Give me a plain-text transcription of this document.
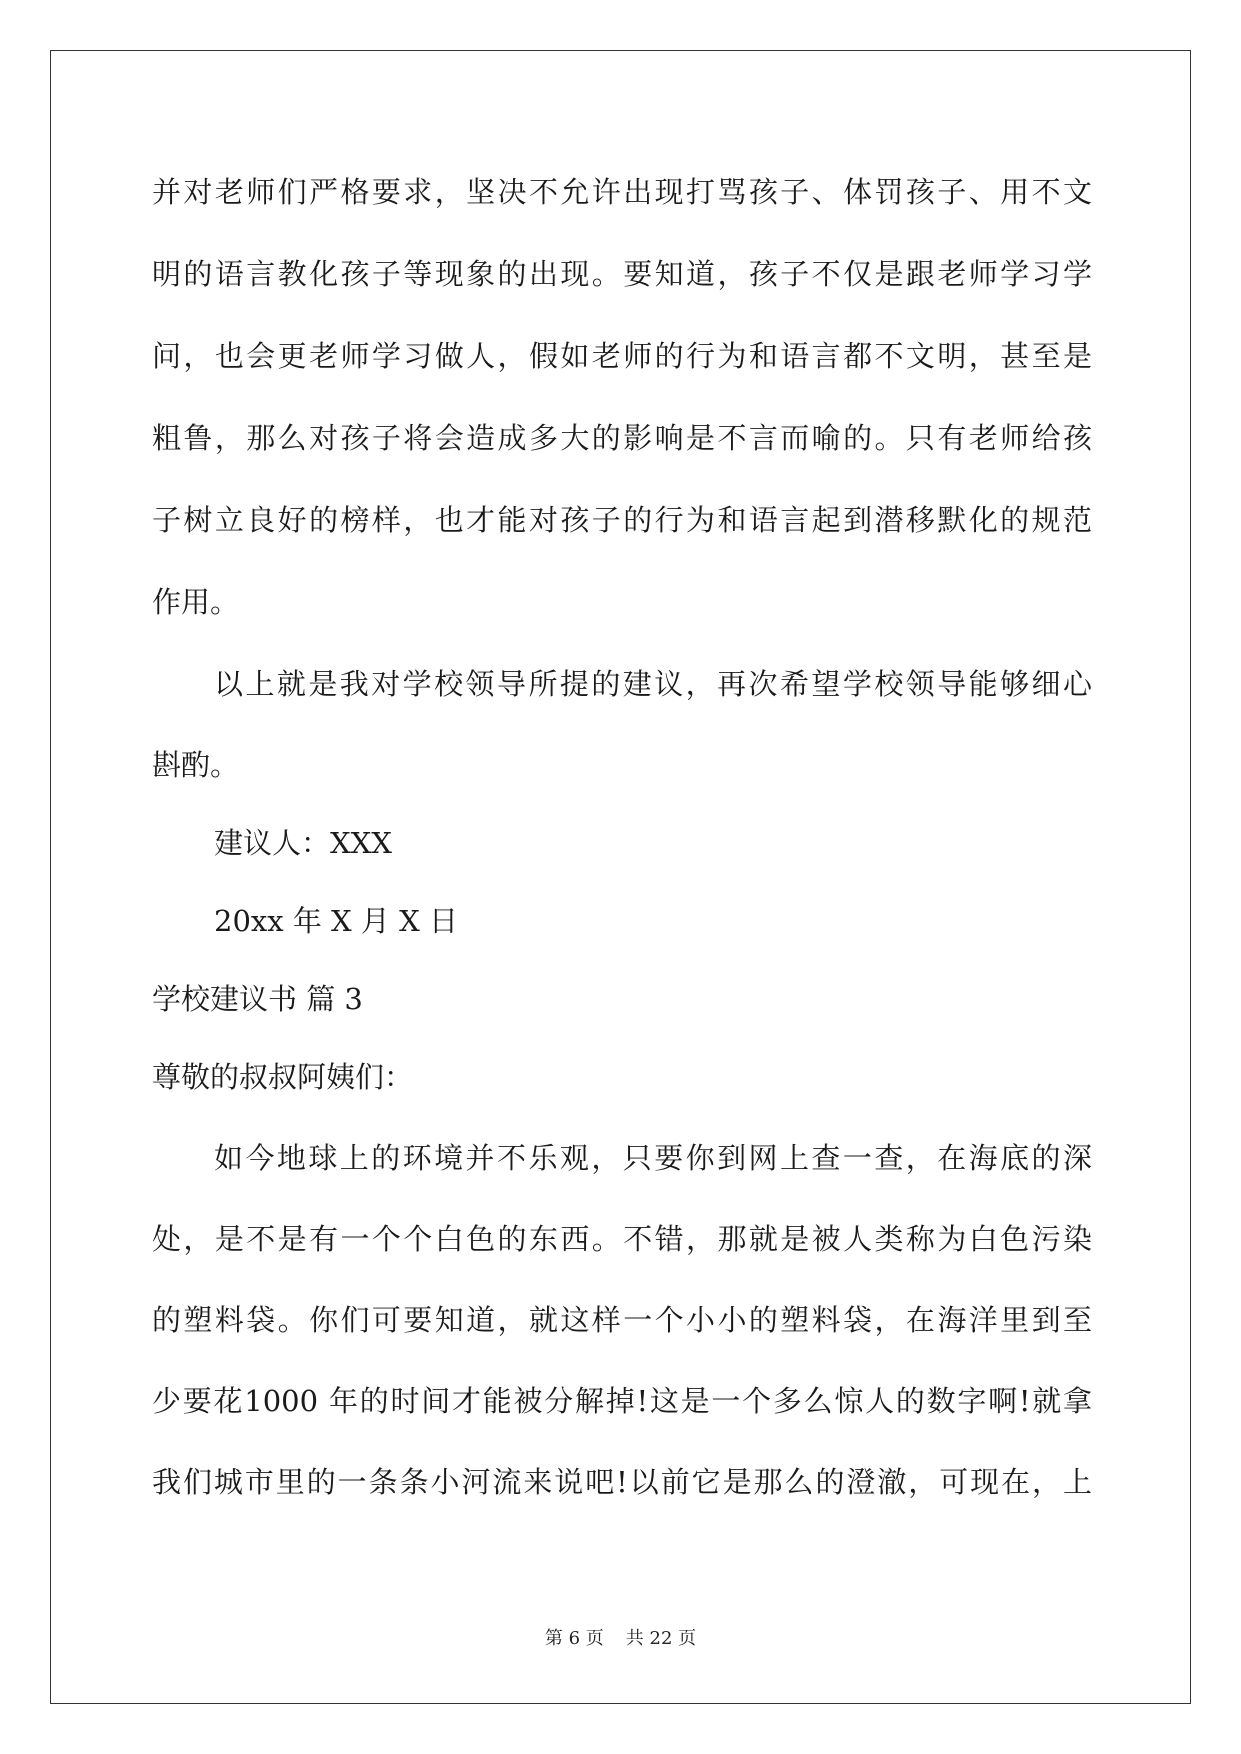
并对老师们严格要求，坚决不允许出现打骂孩子、体罚孩子、用不文
明的语言教化孩子等现象的出现。要知道，孩子不仅是跟老师学习学
问，也会更老师学习做人，假如老师的行为和语言都不文明，甚至是
粗鲁，那么对孩子将会造成多大的影响是不言而喻的。只有老师给孩
子树立良好的榜样，也才能对孩子的行为和语言起到潜移默化的规范
作用。
以上就是我对学校领导所提的建议，再次希望学校领导能够细心
斟酌。
建议人：XXX
20xx 年 X 月 X 日
学校建议书 篇 3
尊敬的叔叔阿姨们：
如今地球上的环境并不乐观，只要你到网上查一查，在海底的深
处，是不是有一个个白色的东西。不错，那就是被人类称为白色污染
的塑料袋。你们可要知道，就这样一个小小的塑料袋，在海洋里到至
少要花1000 年的时间才能被分解掉!这是一个多么惊人的数字啊!就拿
我们城市里的一条条小河流来说吧!以前它是那么的澄澈，可现在，上
第 6 页 共 22 页
